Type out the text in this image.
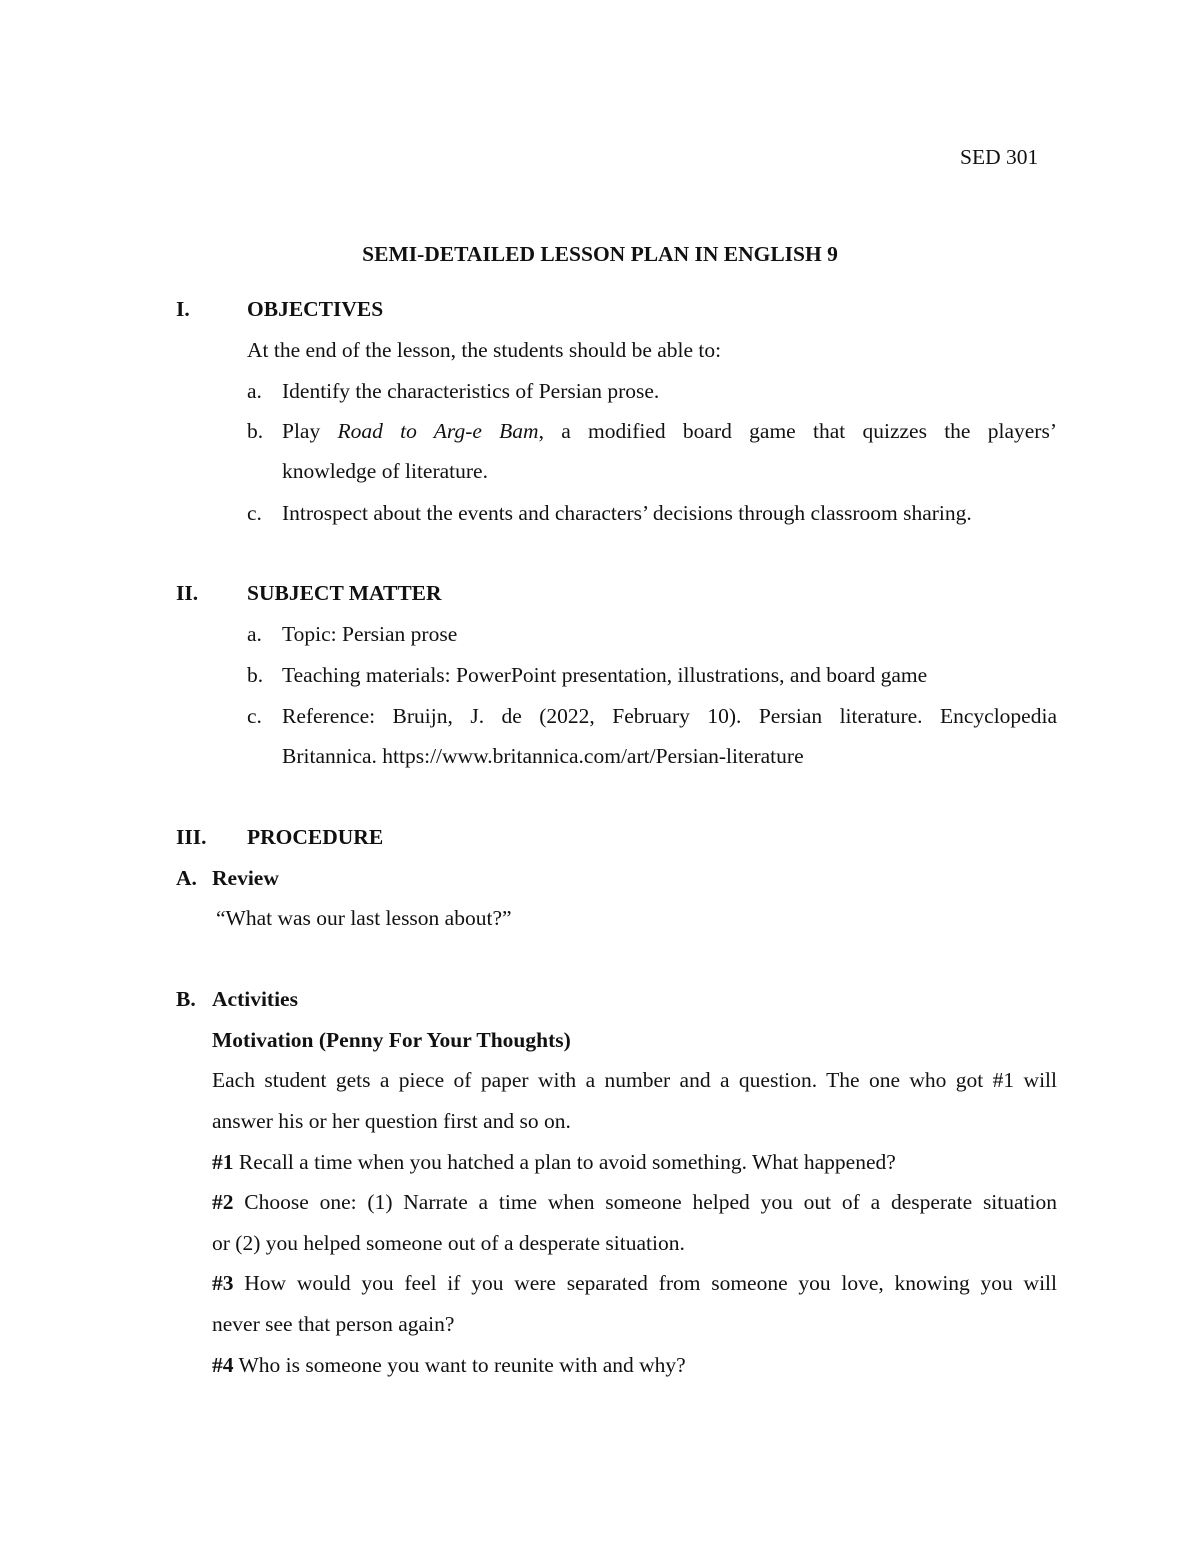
SED 301
SEMI-DETAILED LESSON PLAN IN ENGLISH 9
I.	OBJECTIVES
At the end of the lesson, the students should be able to:
a. Identify the characteristics of Persian prose.
b. Play Road to Arg-e Bam, a modified board game that quizzes the players’
knowledge of literature.
c. Introspect about the events and characters’ decisions through classroom sharing.
II. SUBJECT MATTER
a. Topic: Persian prose
b. Teaching materials: PowerPoint presentation, illustrations, and board game
c. Reference: Bruijn, J. de (2022, February 10). Persian literature. Encyclopedia
Britannica. https://www.britannica.com/art/Persian-literature
III. PROCEDURE
A. Review
“What was our last lesson about?”
B. Activities
Motivation (Penny For Your Thoughts)
Each student gets a piece of paper with a number and a question. The one who got #1 will
answer his or her question first and so on.
#1 Recall a time when you hatched a plan to avoid something. What happened?
#2 Choose one: (1) Narrate a time when someone helped you out of a desperate situation
or (2) you helped someone out of a desperate situation.
#3 How would you feel if you were separated from someone you love, knowing you will
never see that person again?
#4 Who is someone you want to reunite with and why?
